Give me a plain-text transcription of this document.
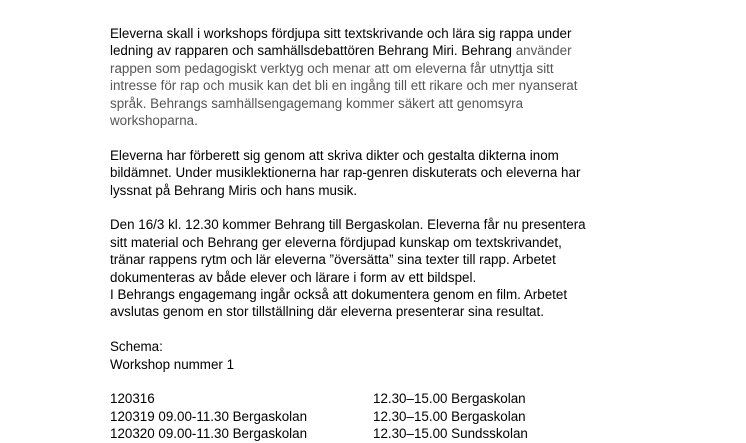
Eleverna skall i workshops fördjupa sitt textskrivande och lära sig rappa under
ledning av rapparen och samhällsdebattören Behrang Miri. Behrang använder
rappen som pedagogiskt verktyg och menar att om eleverna får utnyttja sitt
intresse för rap och musik kan det bli en ingång till ett rikare och mer nyanserat
språk. Behrangs samhällsengagemang kommer säkert att genomsyra
workshoparna.
Eleverna har förberett sig genom att skriva dikter och gestalta dikterna inom
bildämnet. Under musiklektionerna har rap-genren diskuterats och eleverna har
lyssnat på Behrang Miris och hans musik.
Den 16/3 kl. 12.30 kommer Behrang till Bergaskolan. Eleverna får nu presentera
sitt material och Behrang ger eleverna fördjupad kunskap om textskrivandet,
tränar rappens rytm och lär eleverna ”översätta” sina texter till rapp. Arbetet
dokumenteras av både elever och lärare i form av ett bildspel.
I Behrangs engagemang ingår också att dokumentera genom en film. Arbetet
avslutas genom en stor tillställning där eleverna presenterar sina resultat.
Schema:
Workshop nummer 1
120316	12.30–15.00 Bergaskolan
120319 09.00-11.30 Bergaskolan	12.30–15.00 Bergaskolan
120320 09.00-11.30 Bergaskolan	12.30–15.00 Sundsskolan
